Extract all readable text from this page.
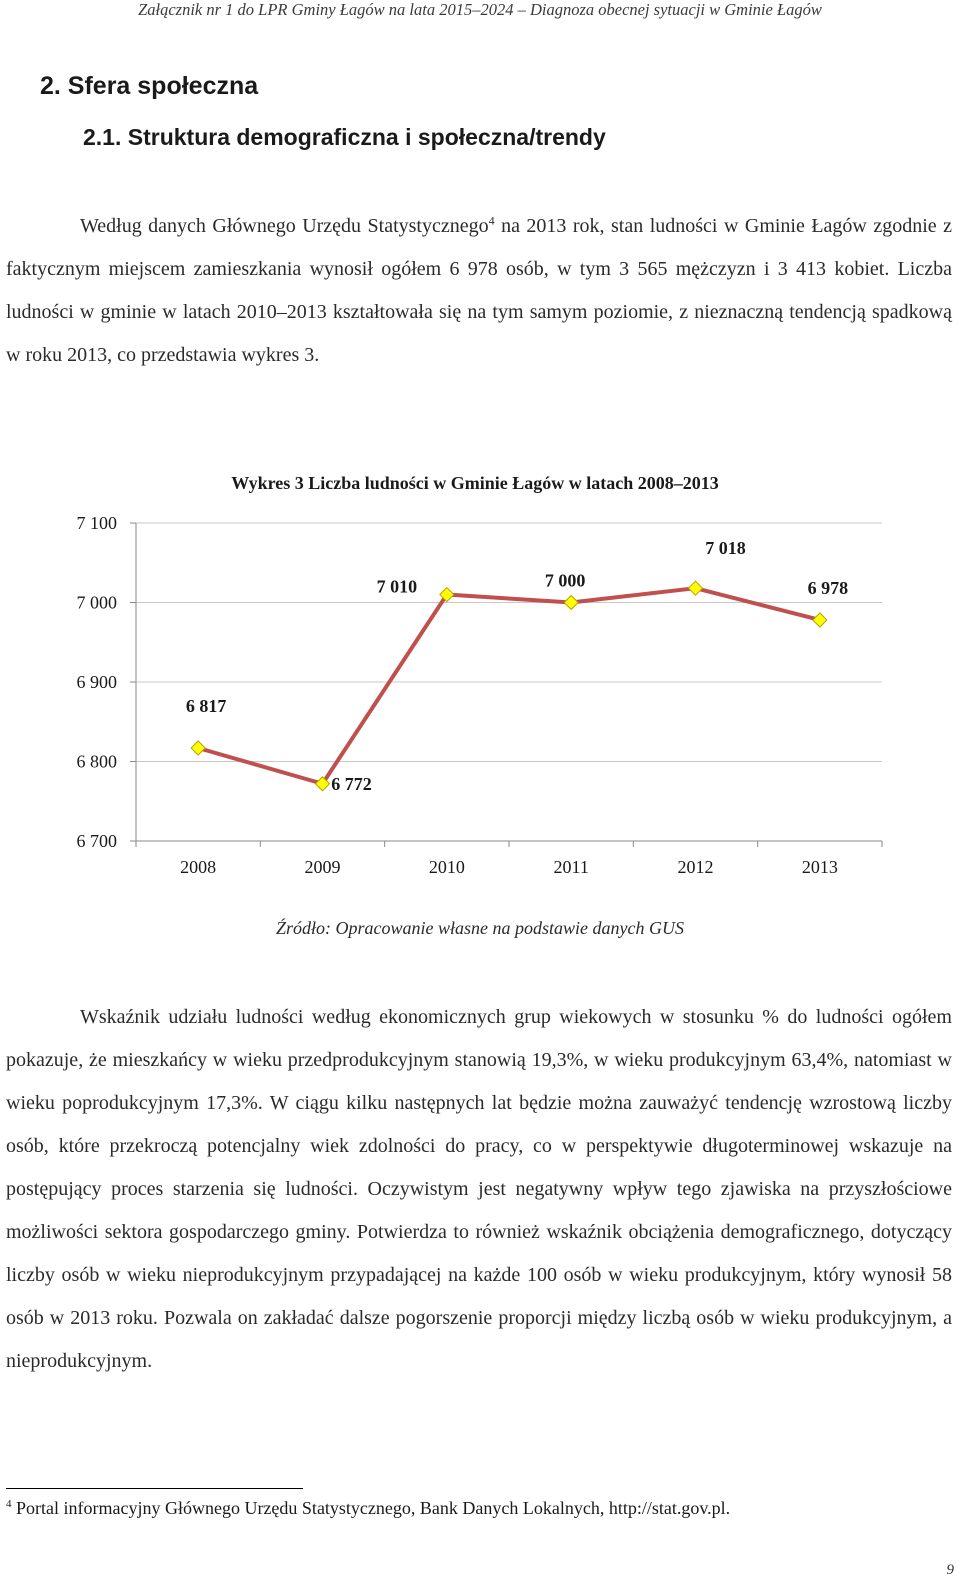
Załącznik nr 1 do LPR Gminy Łagów na lata 2015–2024 – Diagnoza obecnej sytuacji w Gminie Łagów
2. Sfera społeczna
2.1. Struktura demograficzna i społeczna/trendy
Według danych Głównego Urzędu Statystycznego$^4$ na 2013 rok, stan ludności w Gminie Łagów zgodnie z faktycznym miejscem zamieszkania wynosił ogółem 6 978 osób, w tym 3 565 mężczyzn i 3 413 kobiet. Liczba ludności w gminie w latach 2010–2013 kształtowała się na tym samym poziomie, z nieznaczną tendencją spadkową w roku 2013, co przedstawia wykres 3.
Wykres 3 Liczba ludności w Gminie Łagów w latach 2008–2013
7 100
7 000
6 900
6 800
6 700
2008	2009	2010	2011	2012	2013
6 817
6 772
7 010	7 000
7 018
6 978
Źródło: Opracowanie własne na podstawie danych GUS
Wskaźnik udziału ludności według ekonomicznych grup wiekowych w stosunku % do ludności ogółem pokazuje, że mieszkańcy w wieku przedprodukcyjnym stanowią 19,3%, w wieku produkcyjnym 63,4%, natomiast w wieku poprodukcyjnym 17,3%. W ciągu kilku następnych lat będzie można zauważyć tendencję wzrostową liczby osób, które przekroczą potencjalny wiek zdolności do pracy, co w perspektywie długoterminowej wskazuje na postępujący proces starzenia się ludności. Oczywistym jest negatywny wpływ tego zjawiska na przyszłościowe możliwości sektora gospodarczego gminy. Potwierdza to również wskaźnik obciążenia demograficznego, dotyczący liczby osób w wieku nieprodukcyjnym przypadającej na każde 100 osób w wieku produkcyjnym, który wynosił 58 osób w 2013 roku. Pozwala on zakładać dalsze pogorszenie proporcji między liczbą osób w wieku produkcyjnym, a nieprodukcyjnym.
$^4$ Portal informacyjny Głównego Urzędu Statystycznego, Bank Danych Lokalnych, http://stat.gov.pl.
9
